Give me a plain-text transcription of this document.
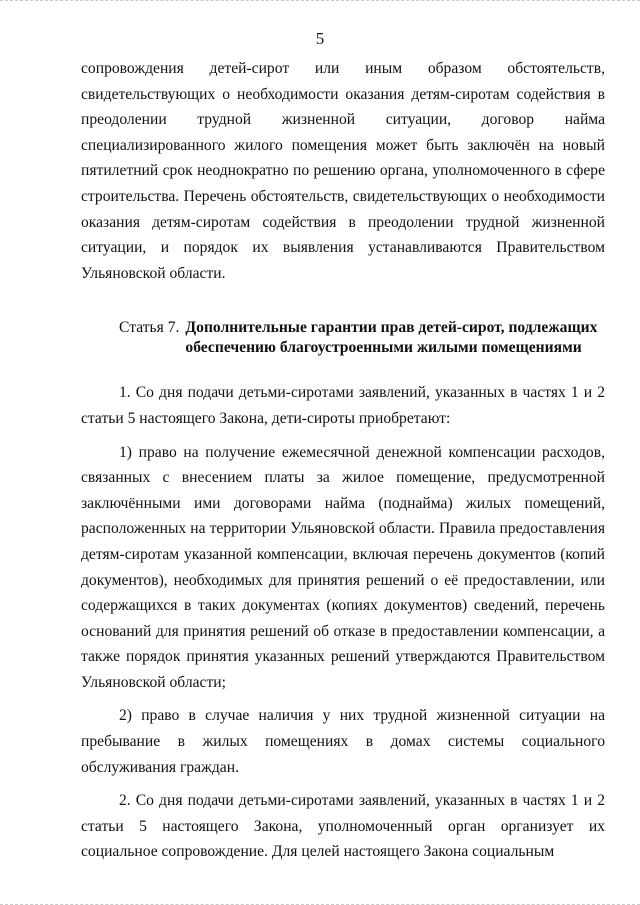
5

сопровождения детей-сирот или иным образом обстоятельств, свидетельствующих о необходимости оказания детям-сиротам содействия в преодолении трудной жизненной ситуации, договор найма специализированного жилого помещения может быть заключён на новый пятилетний срок неоднократно по решению органа, уполномоченного в сфере строительства. Перечень обстоятельств, свидетельствующих о необходимости оказания детям-сиротам содействия в преодолении трудной жизненной ситуации, и порядок их выявления устанавливаются Правительством Ульяновской области.

Статья 7. Дополнительные гарантии прав детей-сирот, подлежащих обеспечению благоустроенными жилыми помещениями

1. Со дня подачи детьми-сиротами заявлений, указанных в частях 1 и 2 статьи 5 настоящего Закона, дети-сироты приобретают:

1) право на получение ежемесячной денежной компенсации расходов, связанных с внесением платы за жилое помещение, предусмотренной заключёнными ими договорами найма (поднайма) жилых помещений, расположенных на территории Ульяновской области. Правила предоставления детям-сиротам указанной компенсации, включая перечень документов (копий документов), необходимых для принятия решений о её предоставлении, или содержащихся в таких документах (копиях документов) сведений, перечень оснований для принятия решений об отказе в предоставлении компенсации, а также порядок принятия указанных решений утверждаются Правительством Ульяновской области;

2) право в случае наличия у них трудной жизненной ситуации на пребывание в жилых помещениях в домах системы социального обслуживания граждан.

2. Со дня подачи детьми-сиротами заявлений, указанных в частях 1 и 2 статьи 5 настоящего Закона, уполномоченный орган организует их социальное сопровождение. Для целей настоящего Закона социальным
